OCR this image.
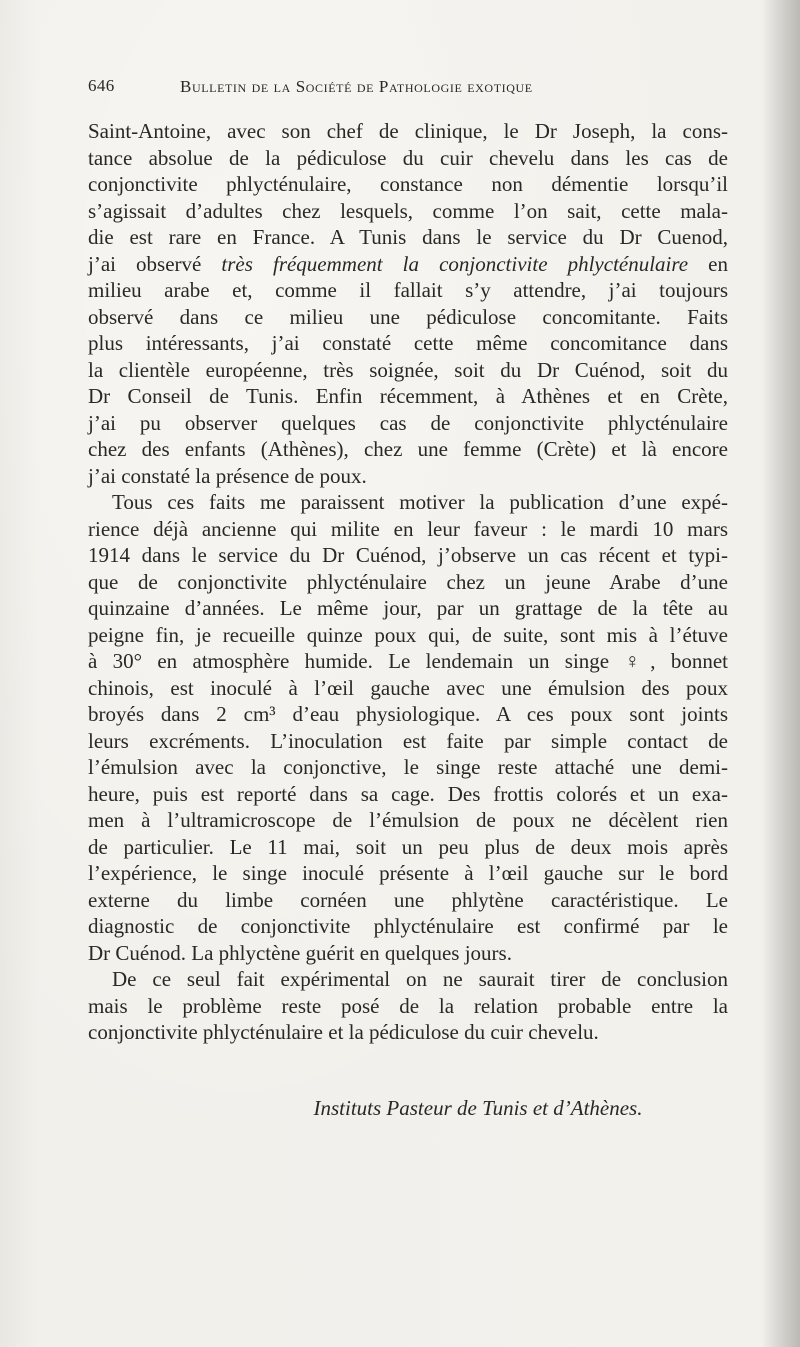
646	Bulletin de la Société de Pathologie exotique
Saint-Antoine, avec son chef de clinique, le Dr Joseph, la cons-
tance absolue de la pédiculose du cuir chevelu dans les cas de
conjonctivite phlycténulaire, constance non démentie lorsqu’il
s’agissait d’adultes chez lesquels, comme l’on sait, cette mala-
die est rare en France. A Tunis dans le service du Dr Cuenod,
j’ai observé très fréquemment la conjonctivite phlycténulaire en
milieu arabe et, comme il fallait s’y attendre, j’ai toujours
observé dans ce milieu une pédiculose concomitante. Faits
plus intéressants, j’ai constaté cette même concomitance dans
la clientèle européenne, très soignée, soit du Dr Cuénod, soit du
Dr Conseil de Tunis. Enfin récemment, à Athènes et en Crète,
j’ai pu observer quelques cas de conjonctivite phlycténulaire
chez des enfants (Athènes), chez une femme (Crète) et là encore
j’ai constaté la présence de poux.
Tous ces faits me paraissent motiver la publication d’une expé-
rience déjà ancienne qui milite en leur faveur : le mardi 10 mars
1914 dans le service du Dr Cuénod, j’observe un cas récent et typi-
que de conjonctivite phlycténulaire chez un jeune Arabe d’une
quinzaine d’années. Le même jour, par un grattage de la tête au
peigne fin, je recueille quinze poux qui, de suite, sont mis à l’étuve
à 30° en atmosphère humide. Le lendemain un singe ♀, bonnet
chinois, est inoculé à l’œil gauche avec une émulsion des poux
broyés dans 2 cm³ d’eau physiologique. A ces poux sont joints
leurs excréments. L’inoculation est faite par simple contact de
l’émulsion avec la conjonctive, le singe reste attaché une demi-
heure, puis est reporté dans sa cage. Des frottis colorés et un exa-
men à l’ultramicroscope de l’émulsion de poux ne décèlent rien
de particulier. Le 11 mai, soit un peu plus de deux mois après
l’expérience, le singe inoculé présente à l’œil gauche sur le bord
externe du limbe cornéen une phlytène caractéristique. Le
diagnostic de conjonctivite phlycténulaire est confirmé par le
Dr Cuénod. La phlyctène guérit en quelques jours.
De ce seul fait expérimental on ne saurait tirer de conclusion
mais le problème reste posé de la relation probable entre la
conjonctivite phlycténulaire et la pédiculose du cuir chevelu.
Instituts Pasteur de Tunis et d’Athènes.
